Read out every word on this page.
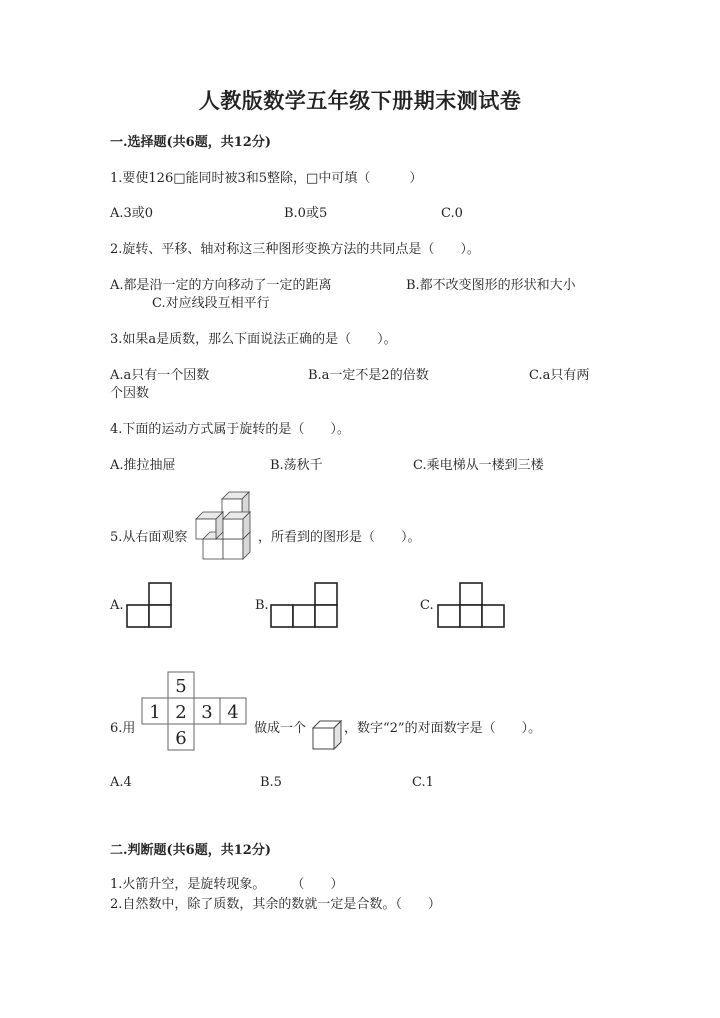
人教版数学五年级下册期末测试卷
一.选择题(共6题，共12分)
1.要使126□能同时被3和5整除，□中可填（　　　）
A.3或0	B.0或5	C.0
2.旋转、平移、轴对称这三种图形变换方法的共同点是（　　）。
A.都是沿一定的方向移动了一定的距离	B.都不改变图形的形状和大小
C.对应线段互相平行
3.如果a是质数，那么下面说法正确的是（　　）。
A.a只有一个因数	B.a一定不是2的倍数	C.a只有两
个因数
4.下面的运动方式属于旋转的是（　　）。
A.推拉抽屉	B.荡秋千	C.乘电梯从一楼到三楼
5.从右面观察	，所看到的图形是（　　）。
A.	B.	C.
6.用
5
1 2 3 4
6	做成一个	，数字“2”的对面数字是（　　）。
A.4	B.5	C.1
二.判断题(共6题，共12分)
1.火箭升空，是旋转现象。　　　（　　）
2.自然数中，除了质数，其余的数就一定是合数。（　　）
